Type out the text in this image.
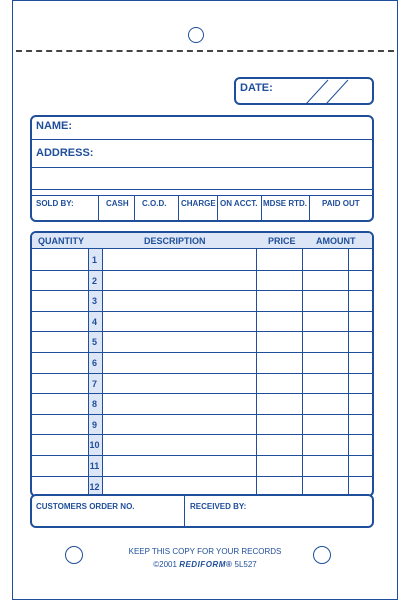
DATE:
NAME:
ADDRESS:
SOLD BY:	CASH C.O.D. CHARGE ON ACCT. MDSE RTD. PAID OUT
QUANTITY	DESCRIPTION	PRICE AMOUNT
1
2
3
4
5
6
7
8
9
10
11
12
CUSTOMERS ORDER NO.	RECEIVED BY:
KEEP THIS COPY FOR YOUR RECORDS
©2001 REDIFORM® 5L527
